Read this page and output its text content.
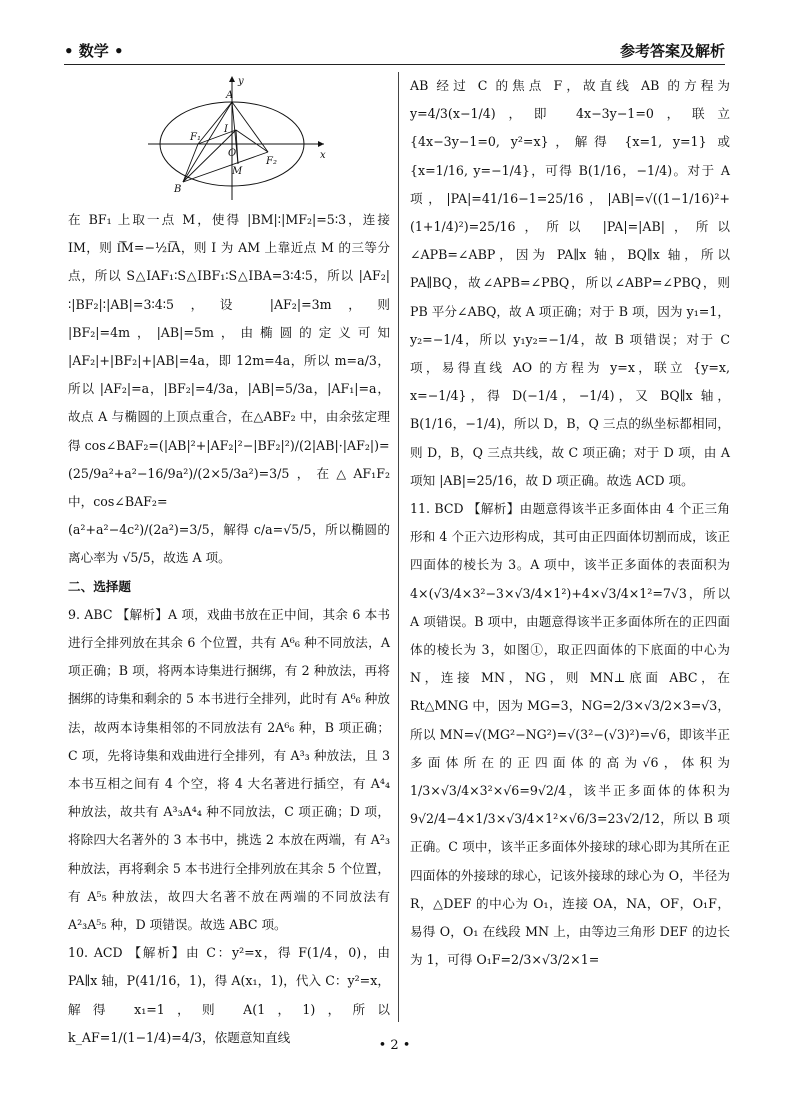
• 数学 •	参考答案及解析
y
x
A
B
F₁
F₂
I
O
M

在 BF₁ 上取一点 M，使得 |BM|∶|MF₂|=5∶3，连接 IM，则 I͞M=−½I͞A，则 I 为 AM 上靠近点 M 的三等分点，所以 S△IAF₁∶S△IBF₁∶S△IBA=3∶4∶5，所以 |AF₂|∶|BF₂|∶|AB|=3∶4∶5，设 |AF₂|=3m，则 |BF₂|=4m，|AB|=5m，由椭圆的定义可知 |AF₂|+|BF₂|+|AB|=4a，即 12m=4a，所以 m=a/3，所以 |AF₂|=a，|BF₂|=4/3a，|AB|=5/3a，|AF₁|=a，故点 A 与椭圆的上顶点重合，在△ABF₂ 中，由余弦定理得 cos∠BAF₂=(|AB|²+|AF₂|²−|BF₂|²)/(2|AB|·|AF₂|)=

(25/9a²+a²−16/9a²)/(2×5/3a²)=3/5，在△AF₁F₂ 中，cos∠BAF₂=

(a²+a²−4c²)/(2a²)=3/5，解得 c/a=√5/5，所以椭圆的离心率为 √5/5，故选 A 项。

二、选择题

9. ABC 【解析】A 项，戏曲书放在正中间，其余 6 本书进行全排列放在其余 6 个位置，共有 A⁶₆ 种不同放法，A 项正确；B 项，将两本诗集进行捆绑，有 2 种放法，再将捆绑的诗集和剩余的 5 本书进行全排列，此时有 A⁶₆ 种放法，故两本诗集相邻的不同放法有 2A⁶₆ 种，B 项正确；C 项，先将诗集和戏曲进行全排列，有 A³₃ 种放法，且 3 本书互相之间有 4 个空，将 4 大名著进行插空，有 A⁴₄ 种放法，故共有 A³₃A⁴₄ 种不同放法，C 项正确；D 项，将除四大名著外的 3 本书中，挑选 2 本放在两端，有 A²₃ 种放法，再将剩余 5 本书进行全排列放在其余 5 个位置，有 A⁵₅ 种放法，故四大名著不放在两端的不同放法有 A²₃A⁵₅ 种，D 项错误。故选 ABC 项。

10. ACD 【解析】由 C：y²=x，得 F(1/4，0)，由 PA∥x 轴，P(41/16，1)，得 A(x₁，1)，代入 C：y²=x，解得 x₁=1，则 A(1，1)，所以 k_AF=1/(1−1/4)=4/3，依题意知直线

AB 经过 C 的焦点 F，故直线 AB 的方程为 y=4/3(x−1/4)，即 4x−3y−1=0，联立 {4x−3y−1=0, y²=x}，解得 {x=1, y=1} 或 {x=1/16, y=−1/4}，可得 B(1/16，−1/4)。对于 A 项，|PA|=41/16−1=25/16，|AB|=√((1−1/16)²+(1+1/4)²)=25/16，所以 |PA|=|AB|，所以∠APB=∠ABP，因为 PA∥x 轴，BQ∥x 轴，所以 PA∥BQ，故∠APB=∠PBQ，所以∠ABP=∠PBQ，则 PB 平分∠ABQ，故 A 项正确；对于 B 项，因为 y₁=1，y₂=−1/4，所以 y₁y₂=−1/4，故 B 项错误；对于 C 项，易得直线 AO 的方程为 y=x，联立 {y=x, x=−1/4}，得 D(−1/4，−1/4)，又 BQ∥x 轴，B(1/16，−1/4)，所以 D，B，Q 三点的纵坐标都相同，则 D，B，Q 三点共线，故 C 项正确；对于 D 项，由 A 项知 |AB|=25/16，故 D 项正确。故选 ACD 项。

11. BCD 【解析】由题意得该半正多面体由 4 个正三角形和 4 个正六边形构成，其可由正四面体切割而成，该正四面体的棱长为 3。A 项中，该半正多面体的表面积为 4×(√3/4×3²−3×√3/4×1²)+4×√3/4×1²=7√3，所以 A 项错误。B 项中，由题意得该半正多面体所在的正四面体的棱长为 3，如图①，取正四面体的下底面的中心为 N，连接 MN，NG，则 MN⊥底面 ABC，在 Rt△MNG 中，因为 MG=3，NG=2/3×√3/2×3=√3，所以 MN=√(MG²−NG²)=√(3²−(√3)²)=√6，即该半正多面体所在的正四面体的高为√6，体积为 1/3×√3/4×3²×√6=9√2/4，该半正多面体的体积为 9√2/4−4×1/3×√3/4×1²×√6/3=23√2/12，所以 B 项正确。C 项中，该半正多面体外接球的球心即为其所在正四面体的外接球的球心，记该外接球的球心为 O，半径为 R，△DEF 的中心为 O₁，连接 OA，NA，OF，O₁F，易得 O，O₁ 在线段 MN 上，由等边三角形 DEF 的边长为 1，可得 O₁F=2/3×√3/2×1=

• 2 •
